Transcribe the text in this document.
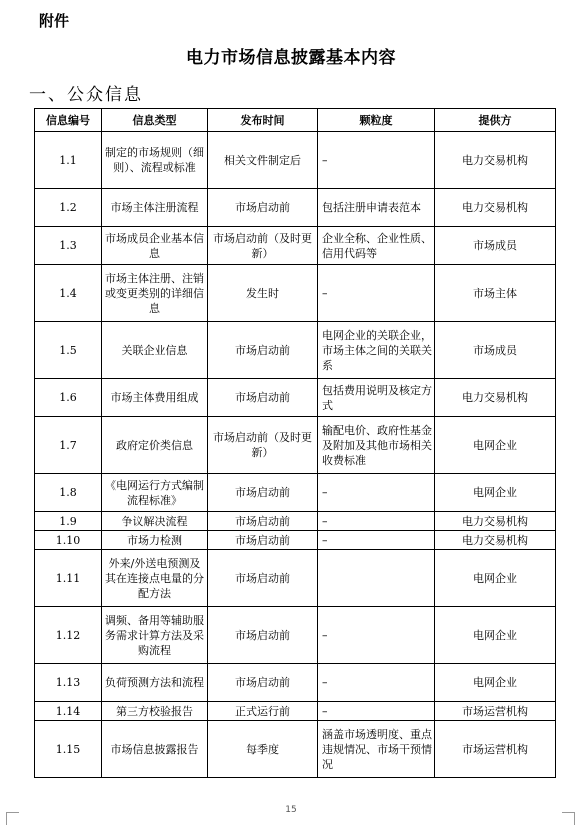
附件
电力市场信息披露基本内容
一、公众信息
信息编号	信息类型	发布时间	颗粒度	提供方
1.1	制定的市场规则（细则）、流程或标准	相关文件制定后	–	电力交易机构
1.2	市场主体注册流程	市场启动前	包括注册申请表范本	电力交易机构
1.3	市场成员企业基本信息	市场启动前（及时更新）	企业全称、企业性质、信用代码等	市场成员
1.4	市场主体注册、注销或变更类别的详细信息	发生时	–	市场主体
1.5	关联企业信息	市场启动前	电网企业的关联企业，市场主体之间的关联关系	市场成员
1.6	市场主体费用组成	市场启动前	包括费用说明及核定方式	电力交易机构
1.7	政府定价类信息	市场启动前（及时更新）	输配电价、政府性基金及附加及其他市场相关收费标准	电网企业
1.8	《电网运行方式编制流程标准》	市场启动前	–	电网企业
1.9	争议解决流程	市场启动前	–	电力交易机构
1.10	市场力检测	市场启动前	–	电力交易机构
1.11	外来/外送电预测及其在连接点电量的分配方法	市场启动前		电网企业
1.12	调频、备用等辅助服务需求计算方法及采购流程	市场启动前	–	电网企业
1.13	负荷预测方法和流程	市场启动前	–	电网企业
1.14	第三方校验报告	正式运行前	–	市场运营机构
1.15	市场信息披露报告	每季度	涵盖市场透明度、重点违规情况、市场干预情况	市场运营机构
15
